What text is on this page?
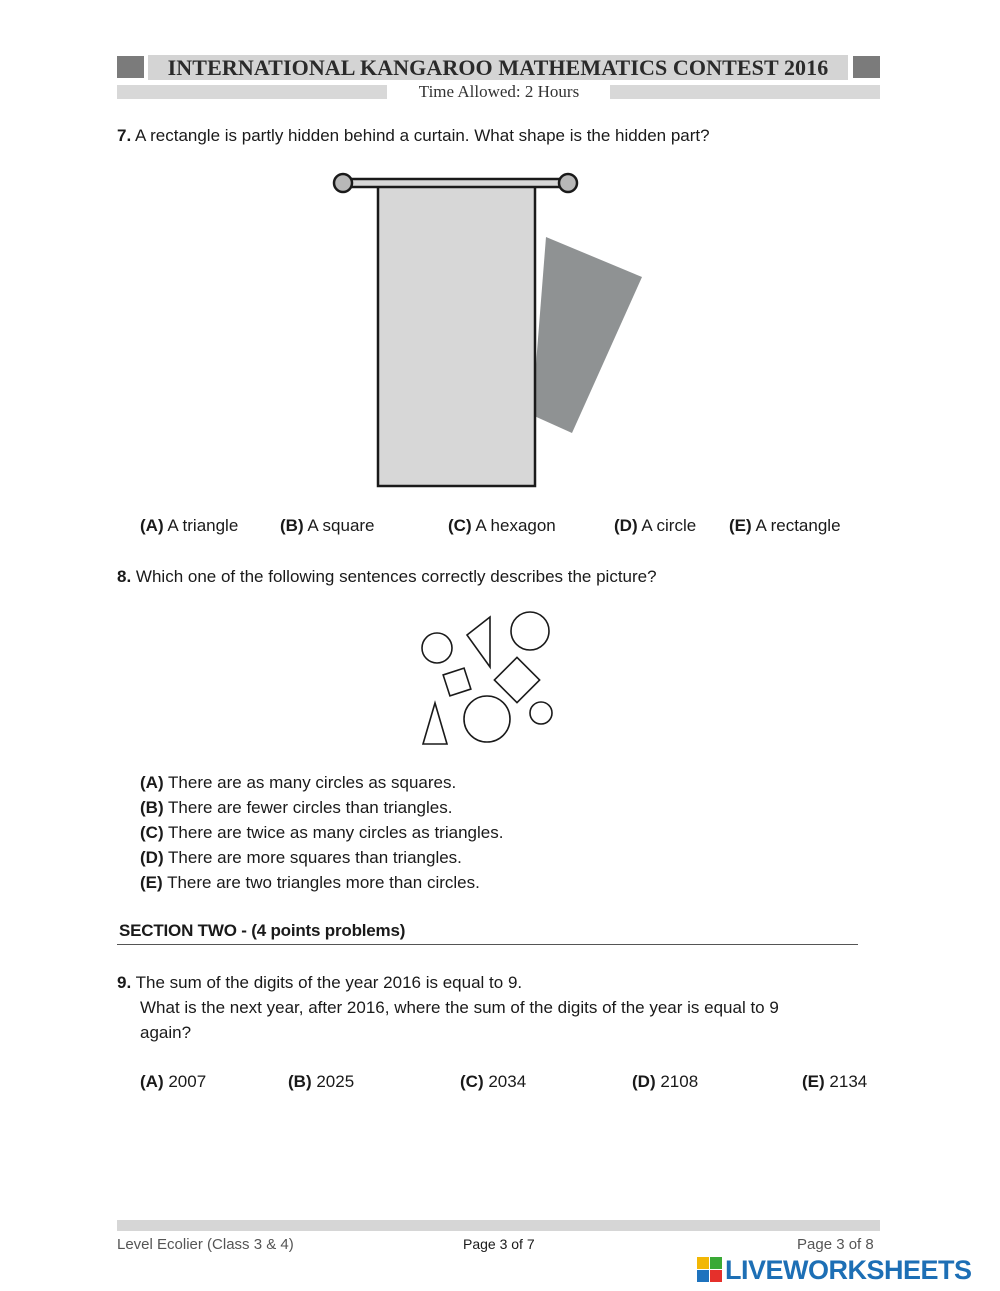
INTERNATIONAL KANGAROO MATHEMATICS CONTEST 2016
Time Allowed: 2 Hours
7. A rectangle is partly hidden behind a curtain. What shape is the hidden part?
(A) A triangle (B) A square	(C) A hexagon	(D) A circle (E) A rectangle
8. Which one of the following sentences correctly describes the picture?
(A) There are as many circles as squares.
(B) There are fewer circles than triangles.
(C) There are twice as many circles as triangles.
(D) There are more squares than triangles.
(E) There are two triangles more than circles.
SECTION TWO - (4 points problems)
9. The sum of the digits of the year 2016 is equal to 9.
What is the next year, after 2016, where the sum of the digits of the year is equal to 9
again?
(A) 2007	(B) 2025	(C) 2034	(D) 2108	(E) 2134
Level Ecolier (Class 3 & 4)	Page 3 of 7	Page 3 of 8
LIVEWORKSHEETS
